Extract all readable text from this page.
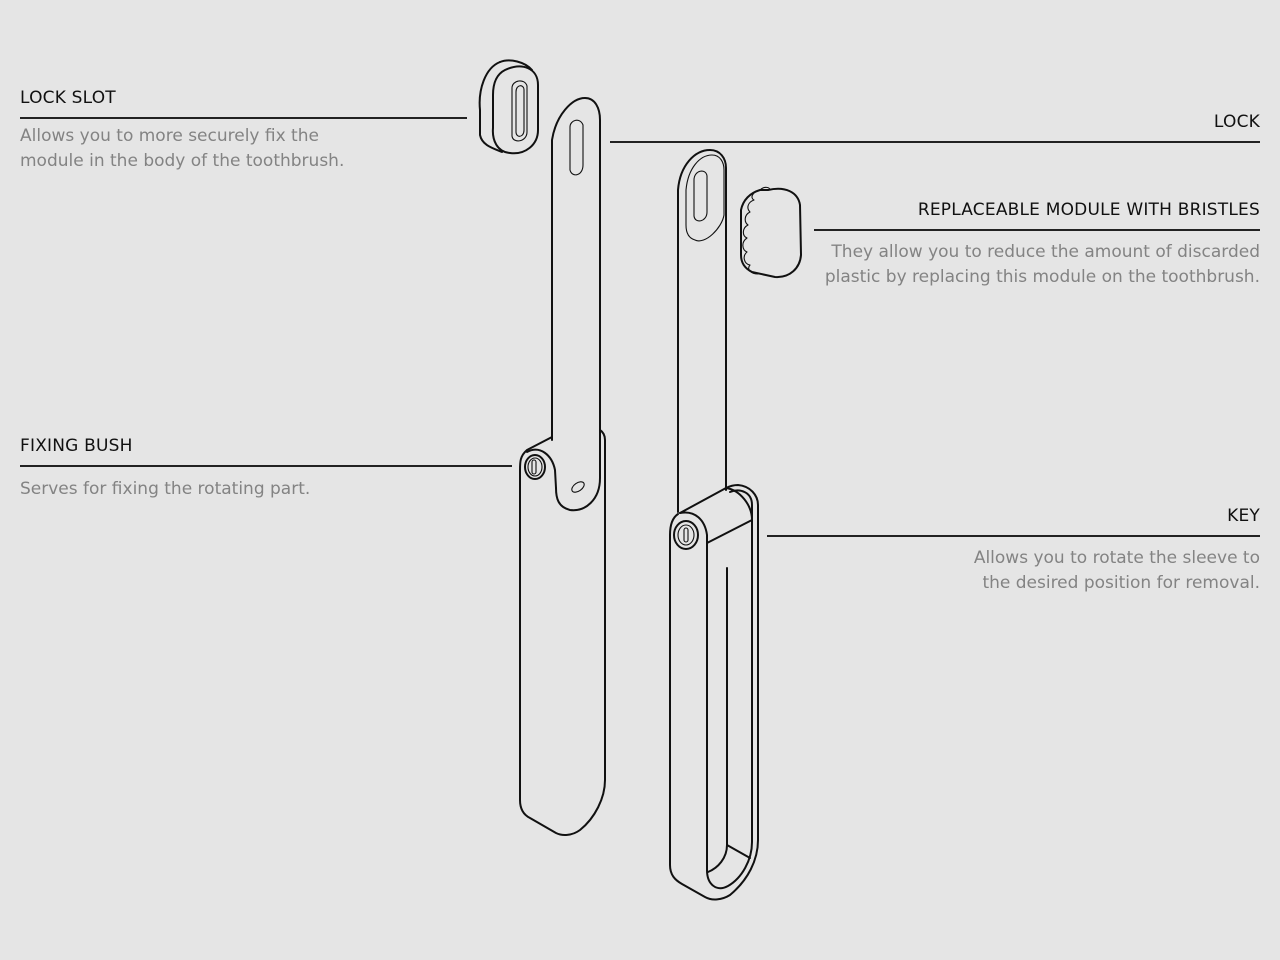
LOCK SLOT
Allows you to more securely fix the
module in the body of the toothbrush.
FIXING BUSH
Serves for fixing the rotating part.
LOCK
REPLACEABLE MODULE WITH BRISTLES
They allow you to reduce the amount of discarded
plastic by replacing this module on the toothbrush.
KEY
Allows you to rotate the sleeve to
the desired position for removal.
